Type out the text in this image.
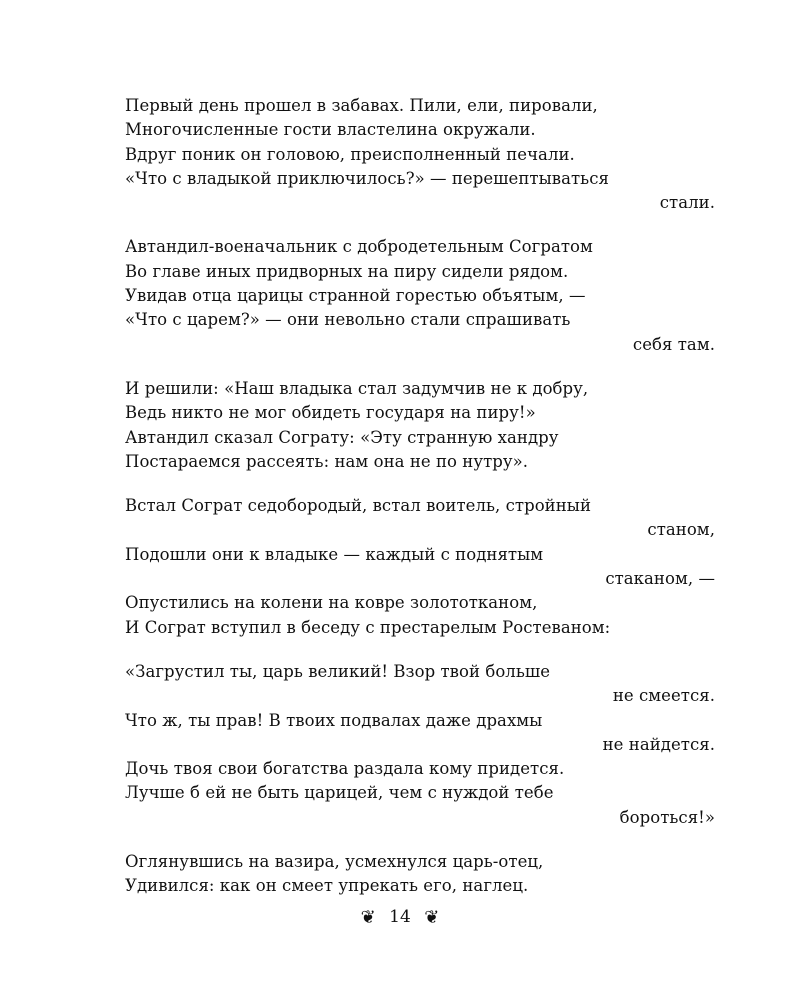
Первый день прошел в забавах. Пили, ели, пировали,
Многочисленные гости властелина окружали.
Вдруг поник он головою, преисполненный печали.
«Что с владыкой приключилось?» — перешептываться
стали.
Автандил-военачальник с добродетельным Согратом
Во главе иных придворных на пиру сидели рядом.
Увидав отца царицы странной горестью объятым, —
«Что с царем?» — они невольно стали спрашивать
себя там.
И решили: «Наш владыка стал задумчив не к добру,
Ведь никто не мог обидеть государя на пиру!»
Автандил сказал Сограту: «Эту странную хандру
Постараемся рассеять: нам она не по нутру».
Встал Сограт седобородый, встал воитель, стройный
станом,
Подошли они к владыке — каждый с поднятым
стаканом, —
Опустились на колени на ковре золототканом,
И Сограт вступил в беседу с престарелым Ростеваном:
«Загрустил ты, царь великий! Взор твой больше
не смеется.
Что ж, ты прав! В твоих подвалах даже драхмы
не найдется.
Дочь твоя свои богатства раздала кому придется.
Лучше б ей не быть царицей, чем с нуждой тебе
бороться!»
Оглянувшись на вазира, усмехнулся царь-отец,
Удивился: как он смеет упрекать его, наглец.
❦ 14 ❦
